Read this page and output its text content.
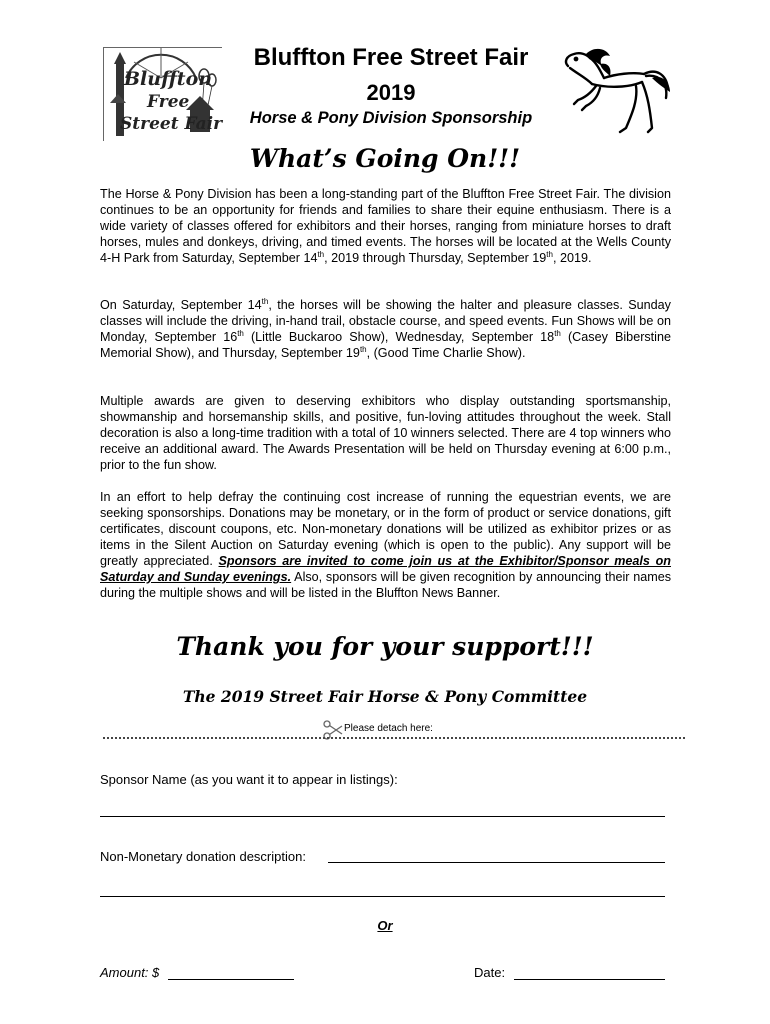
Bluffton
Free
Street Fair
Bluffton Free Street Fair
2019
Horse & Pony Division Sponsorship
What’s Going On!!!

The Horse & Pony Division has been a long-standing part of the Bluffton Free Street Fair. The division continues to be an opportunity for friends and families to share their equine enthusiasm. There is a wide variety of classes offered for exhibitors and their horses, ranging from miniature horses to draft horses, mules and donkeys, driving, and timed events. The horses will be located at the Wells County 4-H Park from Saturday, September 14th, 2019 through Thursday, September 19th, 2019.

On Saturday, September 14th, the horses will be showing the halter and pleasure classes. Sunday classes will include the driving, in-hand trail, obstacle course, and speed events. Fun Shows will be on Monday, September 16th (Little Buckaroo Show), Wednesday, September 18th (Casey Biberstine Memorial Show), and Thursday, September 19th, (Good Time Charlie Show).

Multiple awards are given to deserving exhibitors who display outstanding sportsmanship, showmanship and horsemanship skills, and positive, fun-loving attitudes throughout the week. Stall decoration is also a long-time tradition with a total of 10 winners selected. There are 4 top winners who receive an additional award. The Awards Presentation will be held on Thursday evening at 6:00 p.m., prior to the fun show.

In an effort to help defray the continuing cost increase of running the equestrian events, we are seeking sponsorships. Donations may be monetary, or in the form of product or service donations, gift certificates, discount coupons, etc. Non-monetary donations will be utilized as exhibitor prizes or as items in the Silent Auction on Saturday evening (which is open to the public). Any support will be greatly appreciated. Sponsors are invited to come join us at the Exhibitor/Sponsor meals on Saturday and Sunday evenings. Also, sponsors will be given recognition by announcing their names during the multiple shows and will be listed in the Bluffton News Banner.

Thank you for your support!!!
The 2019 Street Fair Horse & Pony Committee
Please detach here:
Sponsor Name (as you want it to appear in listings):
Non-Monetary donation description:
Or
Amount: $	Date:
